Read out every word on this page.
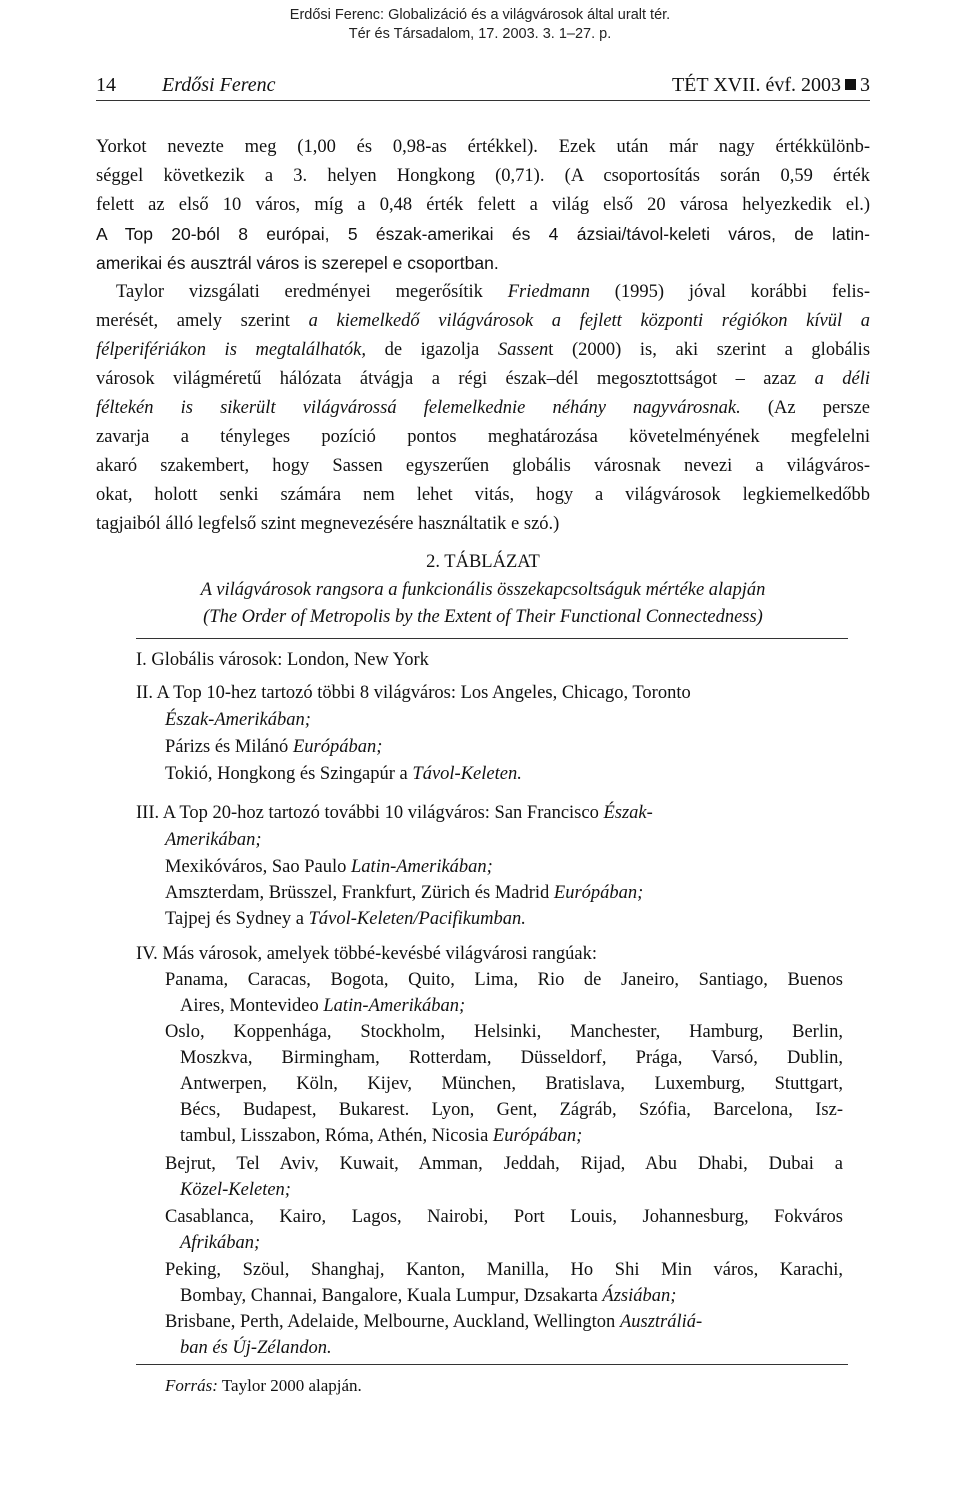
Erdősi Ferenc: Globalizáció és a világvárosok által uralt tér.
Tér és Társadalom, 17. 2003. 3. 1–27. p.
14 Erdősi Ferenc	TÉT XVII. évf. 2003 3
Yorkot nevezte meg (1,00 és 0,98-as értékkel). Ezek után már nagy értékkülönb-
séggel következik a 3. helyen Hongkong (0,71). (A csoportosítás során 0,59 érték
felett az első 10 város, míg a 0,48 érték felett a világ első 20 városa helyezkedik el.)
A Top 20-ból 8 európai, 5 észak-amerikai és 4 ázsiai/távol-keleti város, de latin-
amerikai és ausztrál város is szerepel e csoportban.
Taylor vizsgálati eredményei megerősítik Friedmann (1995) jóval korábbi felis-
merését, amely szerint a kiemelkedő világvárosok a fejlett központi régiókon kívül a
félperifériákon is megtalálhatók, de igazolja Sassent (2000) is, aki szerint a globális
városok világméretű hálózata átvágja a régi észak–dél megosztottságot – azaz a déli
féltekén is sikerült világvárossá felemelkednie néhány nagyvárosnak. (Az persze
zavarja a tényleges pozíció pontos meghatározása követelményének megfelelni
akaró szakembert, hogy Sassen egyszerűen globális városnak nevezi a világváros-
okat, holott senki számára nem lehet vitás, hogy a világvárosok legkiemelkedőbb
tagjaiból álló legfelső szint megnevezésére használtatik e szó.)
2. TÁBLÁZAT
A világvárosok rangsora a funkcionális összekapcsoltságuk mértéke alapján
(The Order of Metropolis by the Extent of Their Functional Connectedness)
I. Globális városok: London, New York
II. A Top 10-hez tartozó többi 8 világváros: Los Angeles, Chicago, Toronto
Észak-Amerikában;
Párizs és Milánó Európában;
Tokió, Hongkong és Szingapúr a Távol-Keleten.
III. A Top 20-hoz tartozó további 10 világváros: San Francisco Észak-
Amerikában;
Mexikóváros, Sao Paulo Latin-Amerikában;
Amszterdam, Brüsszel, Frankfurt, Zürich és Madrid Európában;
Tajpej és Sydney a Távol-Keleten/Pacifikumban.
IV. Más városok, amelyek többé-kevésbé világvárosi rangúak:
Panama, Caracas, Bogota, Quito, Lima, Rio de Janeiro, Santiago, Buenos
Aires, Montevideo Latin-Amerikában;
Oslo, Koppenhága, Stockholm, Helsinki, Manchester, Hamburg, Berlin,
Moszkva, Birmingham, Rotterdam, Düsseldorf, Prága, Varsó, Dublin,
Antwerpen, Köln, Kijev, München, Bratislava, Luxemburg, Stuttgart,
Bécs, Budapest, Bukarest. Lyon, Gent, Zágráb, Szófia, Barcelona, Isz-
tambul, Lisszabon, Róma, Athén, Nicosia Európában;
Bejrut, Tel Aviv, Kuwait, Amman, Jeddah, Rijad, Abu Dhabi, Dubai a
Közel-Keleten;
Casablanca, Kairo, Lagos, Nairobi, Port Louis, Johannesburg, Fokváros
Afrikában;
Peking, Szöul, Shanghaj, Kanton, Manilla, Ho Shi Min város, Karachi,
Bombay, Channai, Bangalore, Kuala Lumpur, Dzsakarta Ázsiában;
Brisbane, Perth, Adelaide, Melbourne, Auckland, Wellington Ausztráliá-
ban és Új-Zélandon.
Forrás: Taylor 2000 alapján.
